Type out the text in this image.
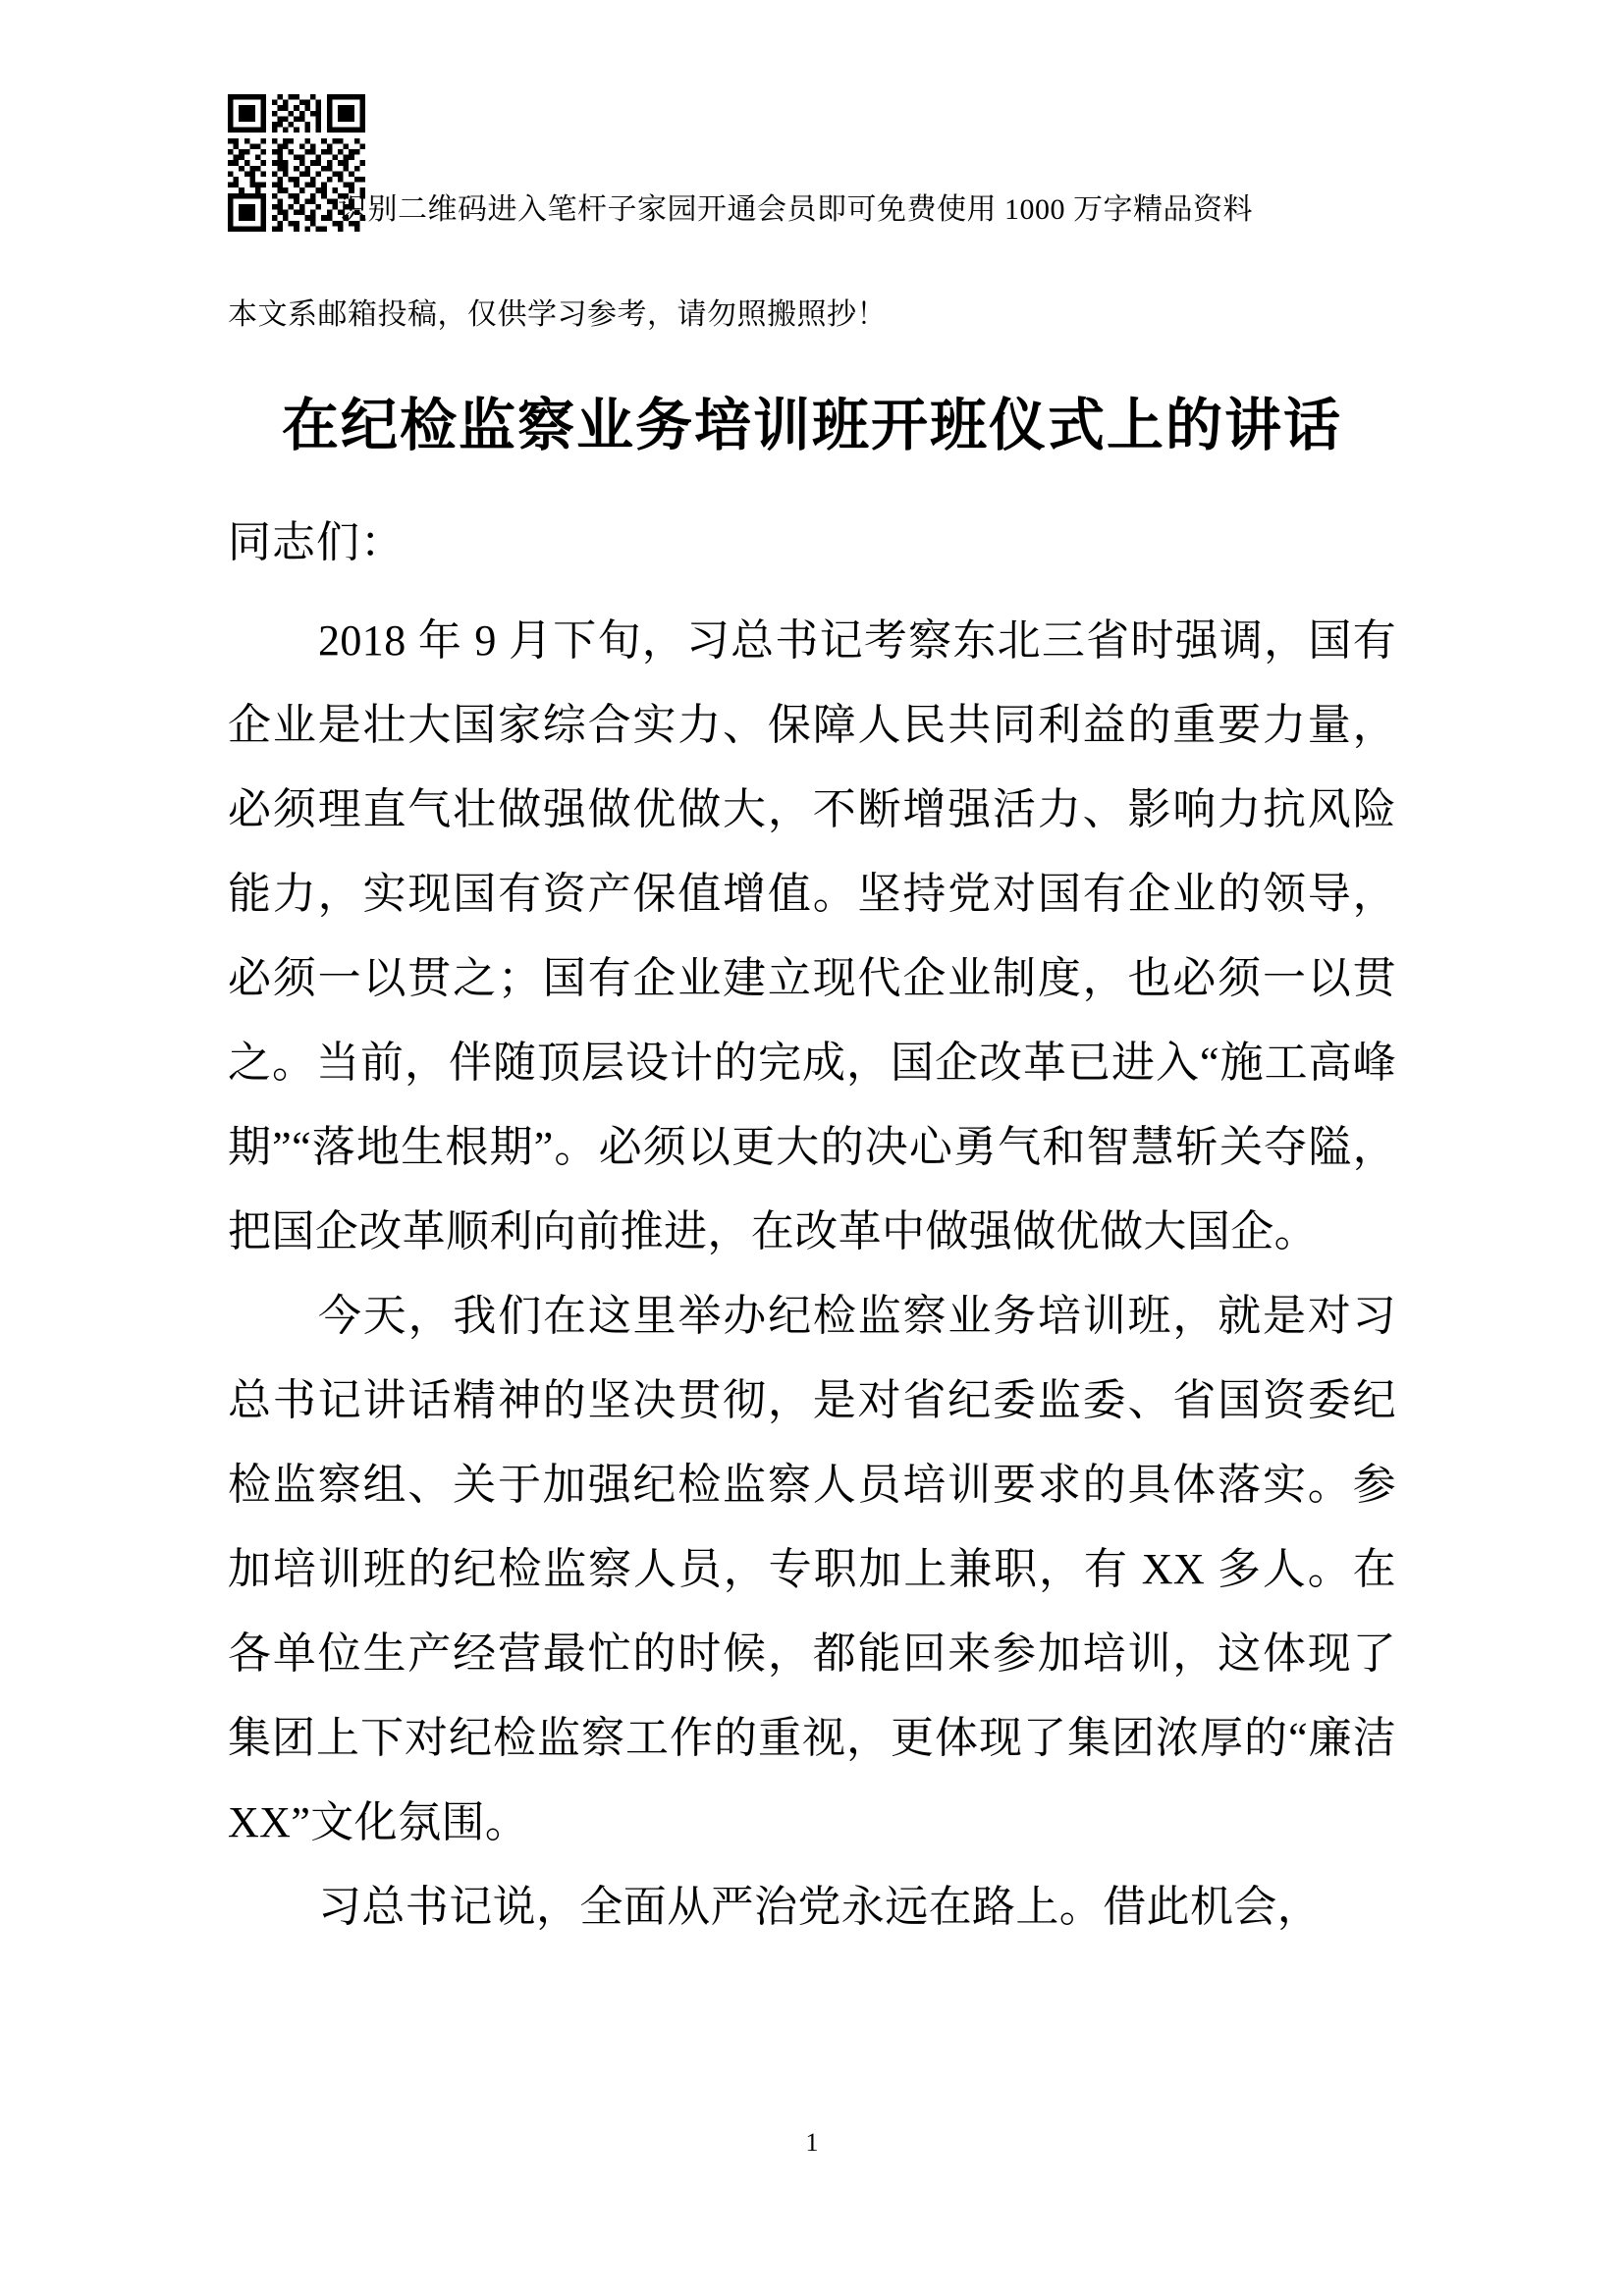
识别二维码进入笔杆子家园开通会员即可免费使用 1000 万字精品资料
本文系邮箱投稿，仅供学习参考，请勿照搬照抄！
在纪检监察业务培训班开班仪式上的讲话

同志们：

2018 年 9 月下旬，习总书记考察东北三省时强调，国有企业是壮大国家综合实力、保障人民共同利益的重要力量，必须理直气壮做强做优做大，不断增强活力、影响力抗风险能力，实现国有资产保值增值。坚持党对国有企业的领导，必须一以贯之；国有企业建立现代企业制度，也必须一以贯之。当前，伴随顶层设计的完成，国企改革已进入“施工高峰期”“落地生根期”。必须以更大的决心勇气和智慧斩关夺隘，把国企改革顺利向前推进，在改革中做强做优做大国企。

今天，我们在这里举办纪检监察业务培训班，就是对习总书记讲话精神的坚决贯彻，是对省纪委监委、省国资委纪检监察组、关于加强纪检监察人员培训要求的具体落实。参加培训班的纪检监察人员，专职加上兼职，有 XX 多人。在各单位生产经营最忙的时候，都能回来参加培训，这体现了集团上下对纪检监察工作的重视，更体现了集团浓厚的“廉洁XX”文化氛围。

习总书记说，全面从严治党永远在路上。借此机会，

1
